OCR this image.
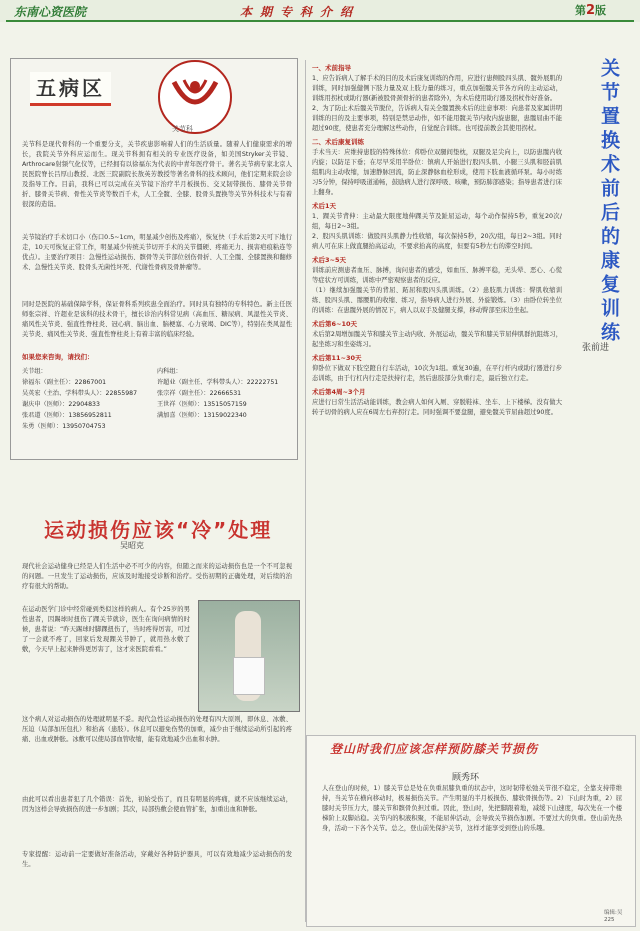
东南心资医院	本期专科介绍	第2版
五病区
关节科
关节科是现代骨科的一个重要分支，关节疾患影响着人们的生活质量。随着人们健康需求的增长，我院关节外科应运而生。现关节科拥有相关的专业医疗设备，如美国Stryker关节镜、Arthrocare射频气化仪等，已经拥有以徐福东为代表的中青年医疗骨干。著名关节病专家北京人民医院脊长吕厚山教授、北医三院副院长敖英芳教授等著名骨科的技术顾问，他们定期来院会诊及指导工作。目前，我科已可以完成在关节镜下治疗半月板损伤、交叉韧带损伤、膝骨关节骨折、膝骨关节病、骨性关节炎等数百千术，人工全髋、全膝、股骨头置换等关节外科技术与有着很深的造诣。
关节镜治疗手术切口小（伤口0.5~1cm，明显减少创伤及疼痛），恢复快（手术后第2天可下地行走，10天可恢复正常工作，明显减少传统关节切开手术的关节僵硬、疼痛无力、损害疤痕粘连等优点）。主要治疗项目：急慢性运动损伤、髌骨等关节部位创伤骨折、人工全髋、全膝置换和翻修术、急慢性关节炎、股骨头无菌性坏死、代谢性骨病及骨肿瘤等。
同时是医院的基础保障学科，保证骨科系列疾患全面治疗。同时具有独特的专科特色。新主任医师张宗祥、许超业是该科的技术骨干，擅长诊治内科常见病（高血压、糖尿病、风湿性关节炎、痛风性关节炎、强直性脊柱炎、冠心病、脑出血、脑梗塞、心力衰竭、DIC等），特别在类风湿性关节炎、痛风性关节炎、强直性脊柱炎上有着丰富的临床经验。
如果您来咨询，请找们：
关节组：	内科组：
徐福东（副主任）：22867001	许超业（副主任、学科带头人）：22222751
吴英宏（主治、学科带头人）：22855987	张宗祥（副主任）：22666531
谢庆申（医师）：22904833	王世祥（医师）：13515057159
张君道（医师）：13856952811	满加喜（医师）：13159022340
朱勇（医师）：13950704753
运动损伤应该“冷”处理
吴昭克
现代社会运动健身已经是人们生活中必不可少的内容，但随之而来的运动损伤也是一个不可忽视的问题。一旦发生了运动损伤，应该及时地接受诊断和治疗。受伤初期的正确处理，对后续的治疗有很大的帮助。
在运动医学门诊中经常碰到类似这样的病人。有个25岁的男性患者，因踢球时扭伤了踝关节就诊，医生在询问病情的时候，患者说：“昨天踢球时脚踝扭伤了，当时疼得厉害，可过了一会就不疼了，回家后发现踝关节肿了，就用热水敷了敷，今天早上起来肿得更厉害了，这才来医院看看。”
这个病人对运动损伤的处理就明显不妥。现代急性运动损伤的处理有四大原则，即休息、冰敷、压迫（局部加压包扎）和抬高（患肢）。休息可以避免伤势的加重，减少由于继续运动所引起的疼痛、出血或肿胀。冰敷可以使局部血管收缩，能有效地减少出血和水肿。
由此可以看出患者犯了几个错误：首先，初始受伤了，而且有明显的疼痛，就不应该继续运动，因为这样会导致损伤的进一步加剧；其次，局部热敷会使血管扩张，加重出血和肿胀。
专家提醒：运动前一定要做好准备活动，穿戴好各种防护器具，可以有效地减少运动损伤的发生。
一、术前指导
1、应告诉病人了解手术的目的及术后康复训练的作用，应进行患侧股四头肌、髋外展肌的训练，同时加强健侧下肢力量及双上肢力量的练习，重点加强髋关节各方向的主动运动，训练用拐杖或助行器(新被股骨颈骨折的患者除外)，为术后使用助行器及拐杖作好准备。
2、为了防止术后髋关节脱位，告诉病人有关全髋置换术后的注意事项：向患者及家属讲明训练的目的及主要事项，特别是禁忌动作，如不能用髋关节内收内旋患腿，患髋屈曲不能超过90度，使患者充分理解这些动作，自觉配合训练。也可提前教会其使用拐杖。
二、术后康复训练
手术当天：应维持患肢的特殊体位：仰卧位双腿间垫枕，双腿及足尖向上，以防患髋内收内旋；以防足下垂；在尽早采用半卧位：镇病人开始进行股四头肌、小腿三头肌和胫前肌组肌肉主动收缩，加速静脉回流，防止深静脉血栓形成，使用下肢血液循环泵。每小时练习5分钟，保持呼吸道通畅，鼓励病人进行深呼吸、咳嗽，预防肺部感染；指导患者进行床上翻身。
术后1天
1、踝关节背伸：主动最大限度地伸踝关节及趾屈运动，每个动作保持5秒，重复20次/组，每日2~3组。
2、股四头肌训练：做股四头肌静力性收缩，每次保持5秒，20次/组，每日2~3组。同时病人可在床上做直腿抬高运动，不要求抬高的高度，但要有5秒左右的滞空时间。
术后3~5天
训练前应测患者血压、脉搏，询问患者的感受，如血压、脉搏平稳，无头晕、恶心、心慌等症状方可训练，训练中严密观察患者的反应。
（1）继续加强髋关节的背屈、跖屈和股四头肌训练。（2）患肢肌力训练：臀肌收缩训练、股四头肌、髂腰肌的收缩、练习，指导病人进行外展、外旋锻炼。（3）由卧位转坐位的训练：在患髋外展的情况下，病人以双手及健腿支撑，移动臀部至床边坐起。
术后第6~10天
术后第2周增加髋关节和膝关节主动内收、外展运动，髋关节和膝关节屈伸肌群抗阻练习，起坐练习和坐姿练习。
术后第11~30天
仰卧位下做双下肢空蹬自行车活动，10次为1组。重复30遍，在平行杆内或助行器进行步态训练，由于行杠内行走是扶持行走，然后患肢部分负重行走，最后独立行走。
术后第4周~3个月
应进行日常生活活动能训练，教会病人如何入厕、穿脱鞋袜、坐车、上下楼梯。没有做大转子切骨的病人应在6周左右弃拐行走。同时强调不要盘腿，避免髋关节屈曲超过90度。
关节置换术前后的康复训练
张前进
登山时我们应该怎样预防膝关节损伤
顾秀环
人在登山的时候，1）膝关节总是处在负重屈膝负重的状态中，这时韧带松弛关节很不稳定，全靠支持带维持，当关节在横向移动时，极易损伤关节。产生明显的半月板损伤、膝软骨损伤等。2）下山时为重，2）屈膝时关节压力大，膝关节和髌骨负担过重。因此，登山时，先把脚跟着地，减缓下山速度，每次先在一个楼梯阶上双脚站稳。关节内的积液积聚，不能屈伸活动，会导致关节损伤加剧。不要过大的负重。登山前先热身，活动一下各个关节。总之，登山前先保护关节，这样才能享受到登山的乐趣。
编辑:吴
225
